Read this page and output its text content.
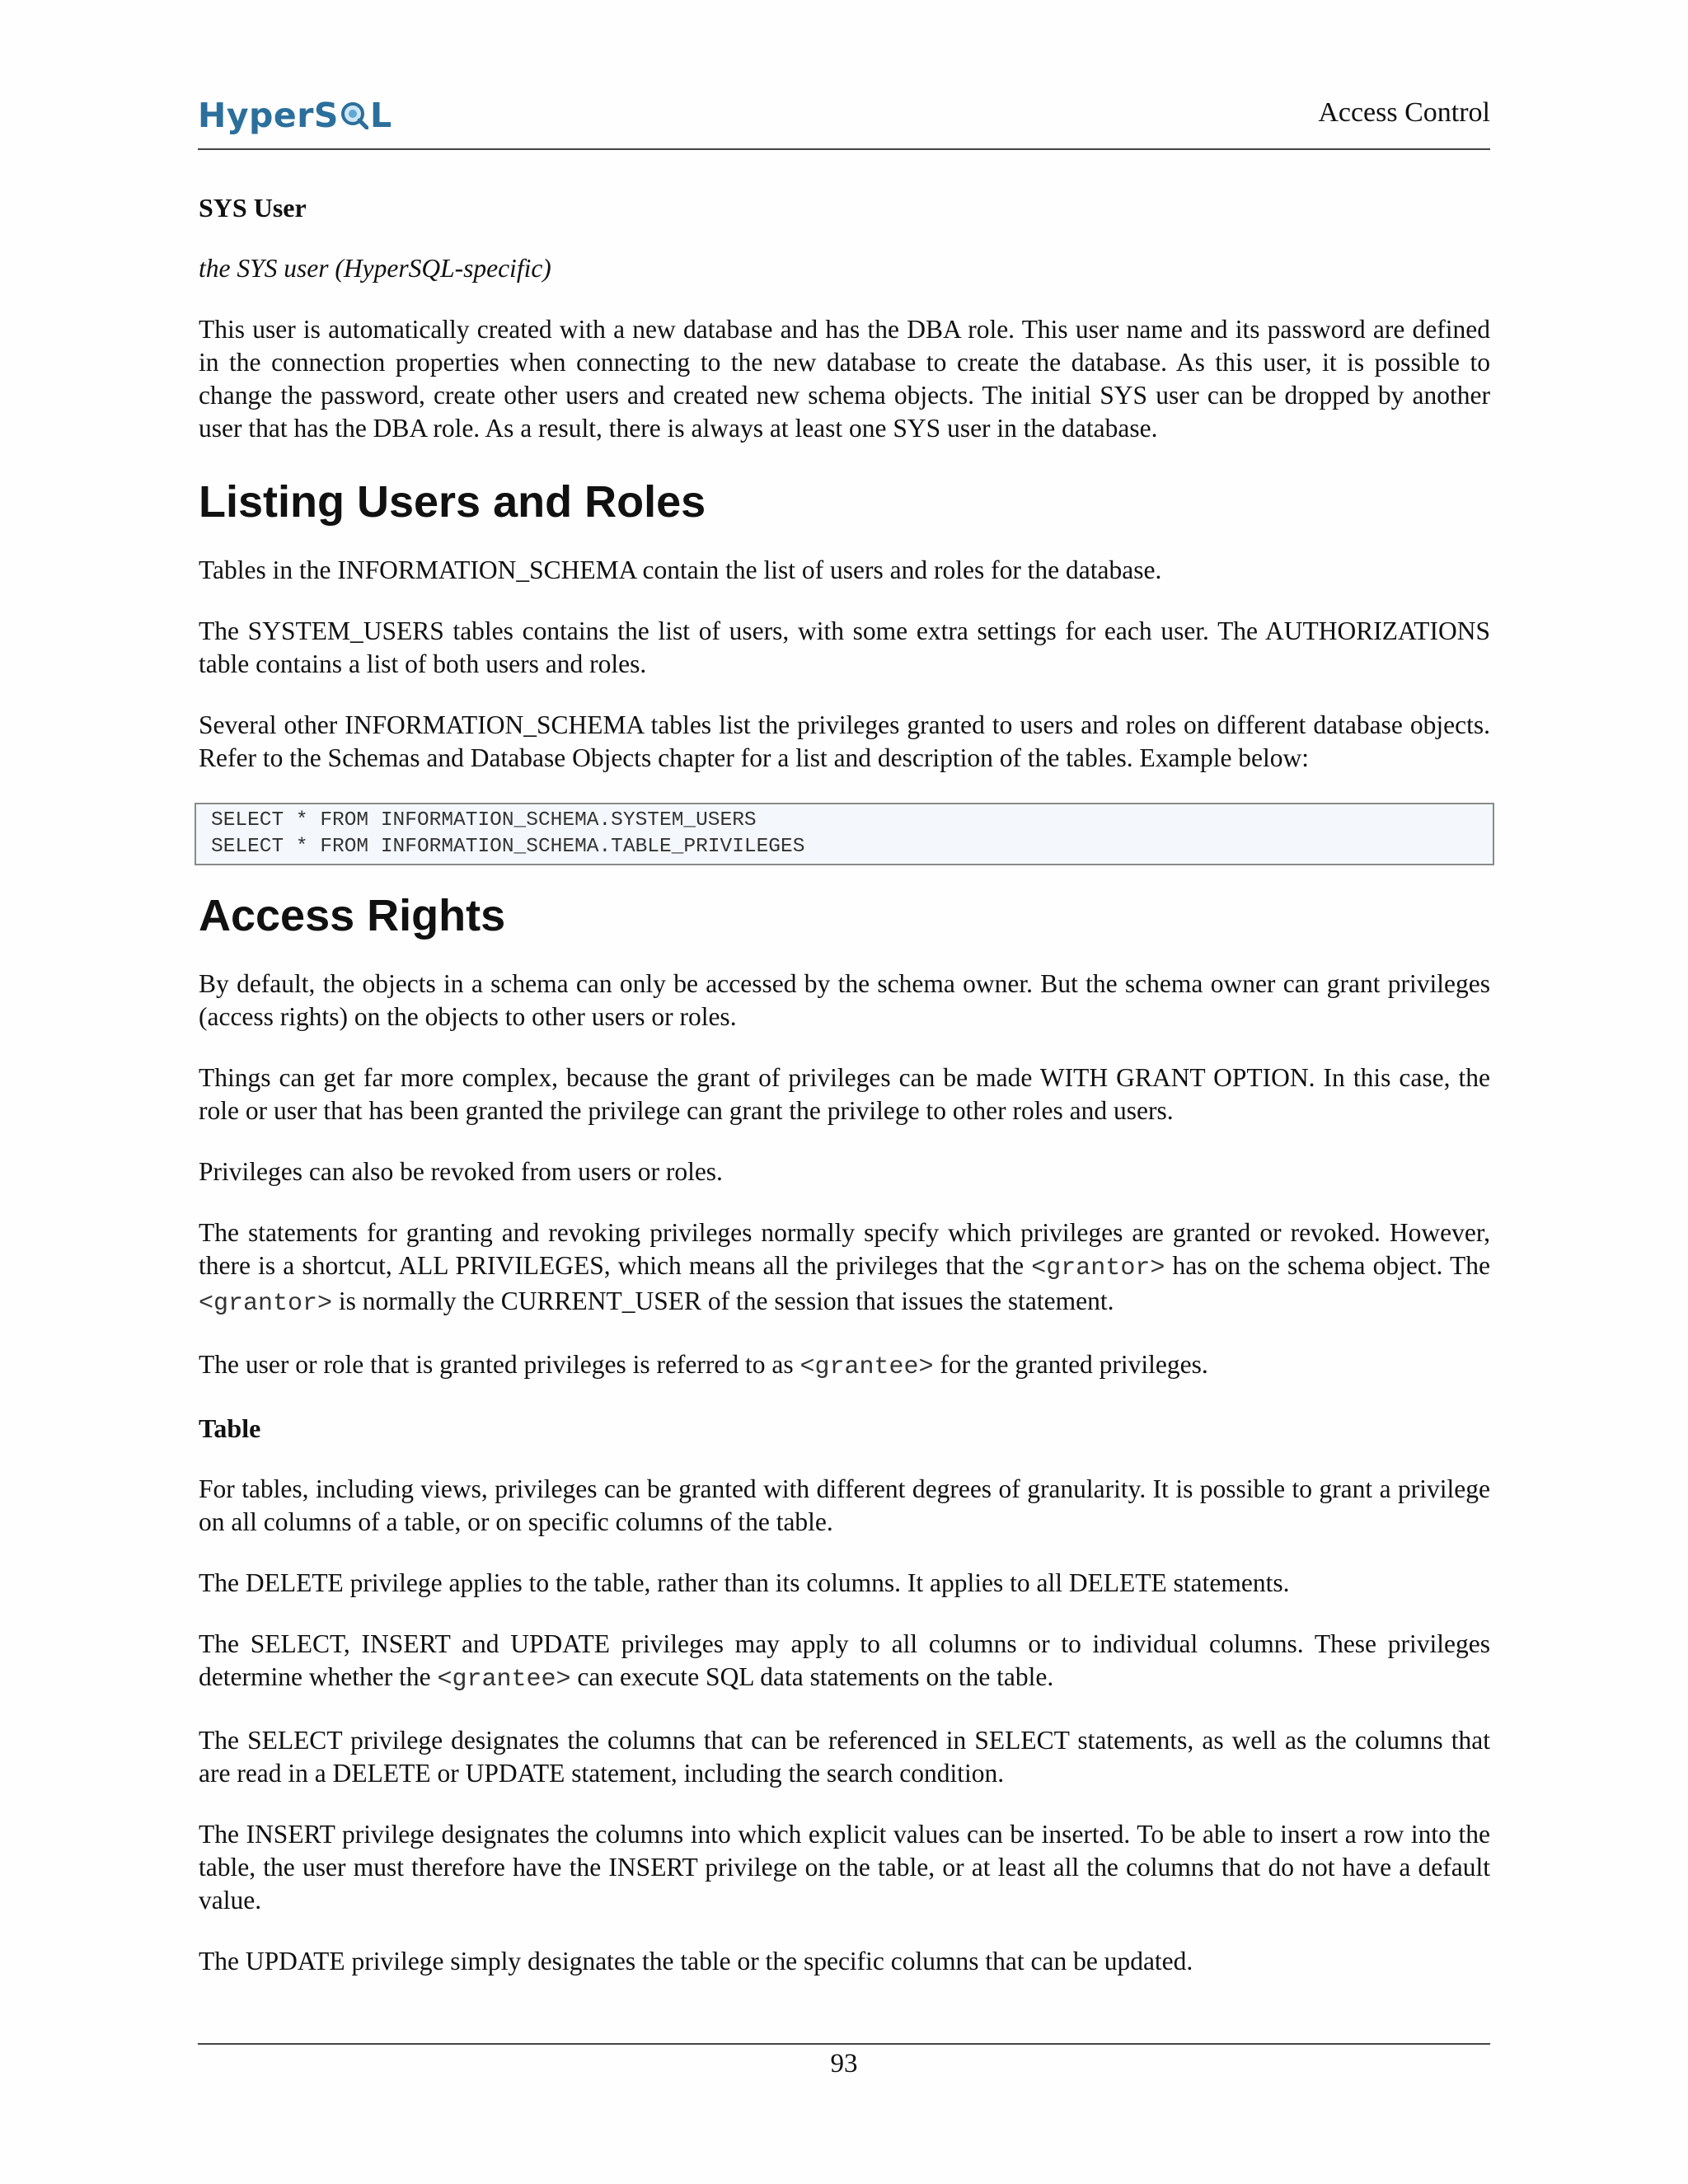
HyperS L	Access Control
SYS User

the SYS user (HyperSQL-specific)

This user is automatically created with a new database and has the DBA role. This user name and its password are defined in the connection properties when connecting to the new database to create the database. As this user, it is possible to change the password, create other users and created new schema objects. The initial SYS user can be dropped by another user that has the DBA role. As a result, there is always at least one SYS user in the database.

Listing Users and Roles

Tables in the INFORMATION_SCHEMA contain the list of users and roles for the database.

The SYSTEM_USERS tables contains the list of users, with some extra settings for each user. The AUTHORIZATIONS table contains a list of both users and roles.

Several other INFORMATION_SCHEMA tables list the privileges granted to users and roles on different database objects. Refer to the Schemas and Database Objects chapter for a list and description of the tables. Example below:

SELECT * FROM INFORMATION_SCHEMA.SYSTEM_USERS
SELECT * FROM INFORMATION_SCHEMA.TABLE_PRIVILEGES
Access Rights

By default, the objects in a schema can only be accessed by the schema owner. But the schema owner can grant privileges (access rights) on the objects to other users or roles.

Things can get far more complex, because the grant of privileges can be made WITH GRANT OPTION. In this case, the role or user that has been granted the privilege can grant the privilege to other roles and users.

Privileges can also be revoked from users or roles.

The statements for granting and revoking privileges normally specify which privileges are granted or revoked. However, there is a shortcut, ALL PRIVILEGES, which means all the privileges that the <grantor> has on the schema object. The <grantor> is normally the CURRENT_USER of the session that issues the statement.

The user or role that is granted privileges is referred to as <grantee> for the granted privileges.

Table

For tables, including views, privileges can be granted with different degrees of granularity. It is possible to grant a privilege on all columns of a table, or on specific columns of the table.

The DELETE privilege applies to the table, rather than its columns. It applies to all DELETE statements.

The SELECT, INSERT and UPDATE privileges may apply to all columns or to individual columns. These privileges determine whether the <grantee> can execute SQL data statements on the table.

The SELECT privilege designates the columns that can be referenced in SELECT statements, as well as the columns that are read in a DELETE or UPDATE statement, including the search condition.

The INSERT privilege designates the columns into which explicit values can be inserted. To be able to insert a row into the table, the user must therefore have the INSERT privilege on the table, or at least all the columns that do not have a default value.

The UPDATE privilege simply designates the table or the specific columns that can be updated.

93
